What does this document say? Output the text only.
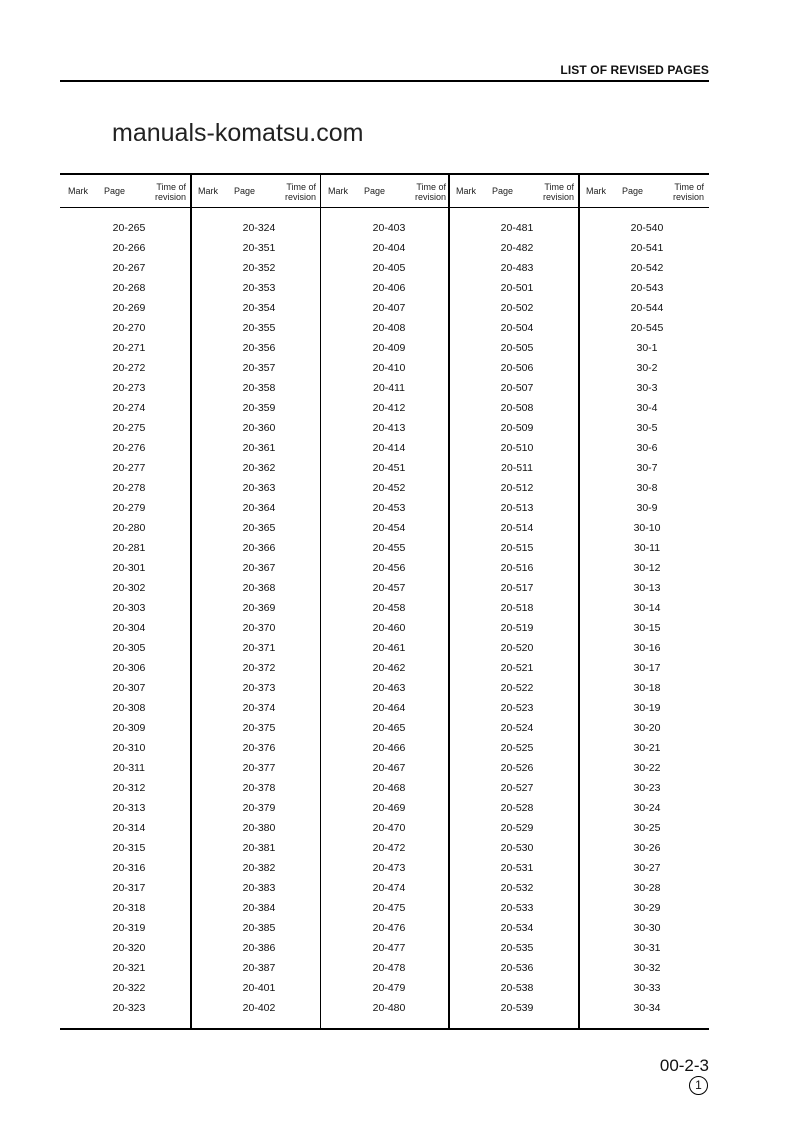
LIST OF REVISED PAGES
Mark Page	Time of
revision
20-265
20-266
20-267
20-268
20-269
20-270
20-271
20-272
20-273
20-274
20-275
20-276
20-277
20-278
20-279
20-280
20-281
20-301
20-302
20-303
20-304
20-305
20-306
20-307
20-308
20-309
20-310
20-311
20-312
20-313
20-314
20-315
20-316
20-317
20-318
20-319
20-320
20-321
20-322
20-323
Mark Page	Time of
revision
20-324
20-351
20-352
20-353
20-354
20-355
20-356
20-357
20-358
20-359
20-360
20-361
20-362
20-363
20-364
20-365
20-366
20-367
20-368
20-369
20-370
20-371
20-372
20-373
20-374
20-375
20-376
20-377
20-378
20-379
20-380
20-381
20-382
20-383
20-384
20-385
20-386
20-387
20-401
20-402
Mark Page	Time of
revision
20-403
20-404
20-405
20-406
20-407
20-408
20-409
20-410
20-411
20-412
20-413
20-414
20-451
20-452
20-453
20-454
20-455
20-456
20-457
20-458
20-460
20-461
20-462
20-463
20-464
20-465
20-466
20-467
20-468
20-469
20-470
20-472
20-473
20-474
20-475
20-476
20-477
20-478
20-479
20-480
Mark Page	Time of
revision
20-481
20-482
20-483
20-501
20-502
20-504
20-505
20-506
20-507
20-508
20-509
20-510
20-511
20-512
20-513
20-514
20-515
20-516
20-517
20-518
20-519
20-520
20-521
20-522
20-523
20-524
20-525
20-526
20-527
20-528
20-529
20-530
20-531
20-532
20-533
20-534
20-535
20-536
20-538
20-539
Mark Page	Time of
revision
20-540
20-541
20-542
20-543
20-544
20-545
30-1
30-2
30-3
30-4
30-5
30-6
30-7
30-8
30-9
30-10
30-11
30-12
30-13
30-14
30-15
30-16
30-17
30-18
30-19
30-20
30-21
30-22
30-23
30-24
30-25
30-26
30-27
30-28
30-29
30-30
30-31
30-32
30-33
30-34
manuals-komatsu.com
00-2-3
1
